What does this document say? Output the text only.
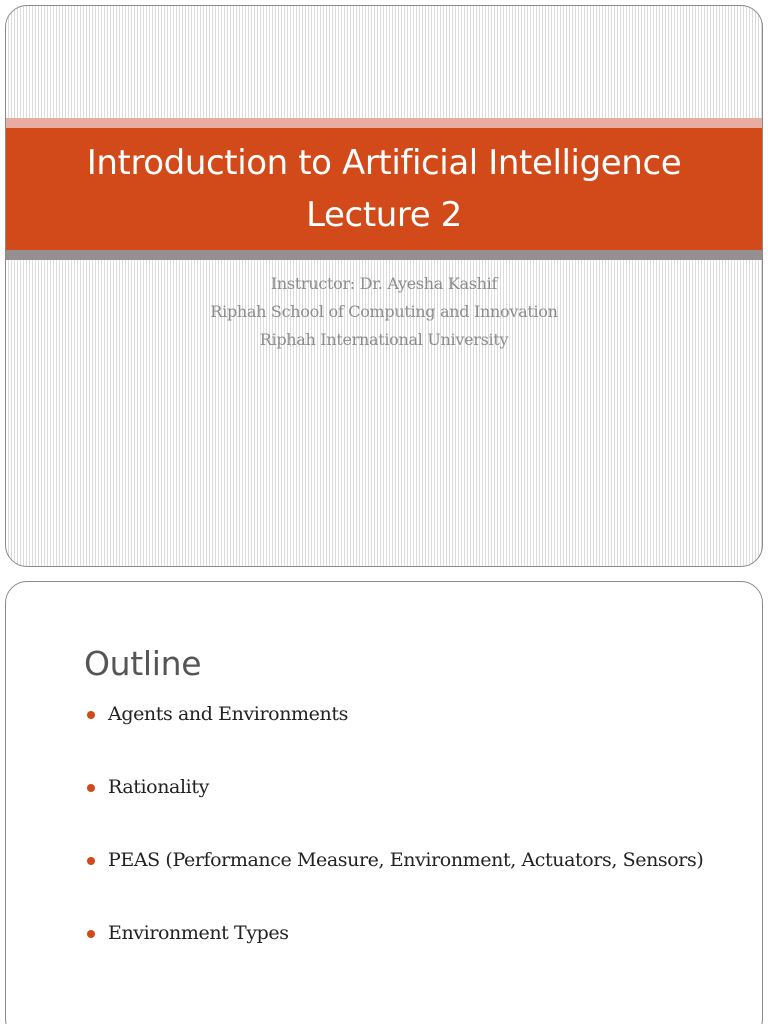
Introduction to Artificial Intelligence
Lecture 2
Instructor: Dr. Ayesha Kashif
Riphah School of Computing and Innovation
Riphah International University
Outline
Agents and Environments
Rationality
PEAS (Performance Measure, Environment, Actuators, Sensors)
Environment Types
